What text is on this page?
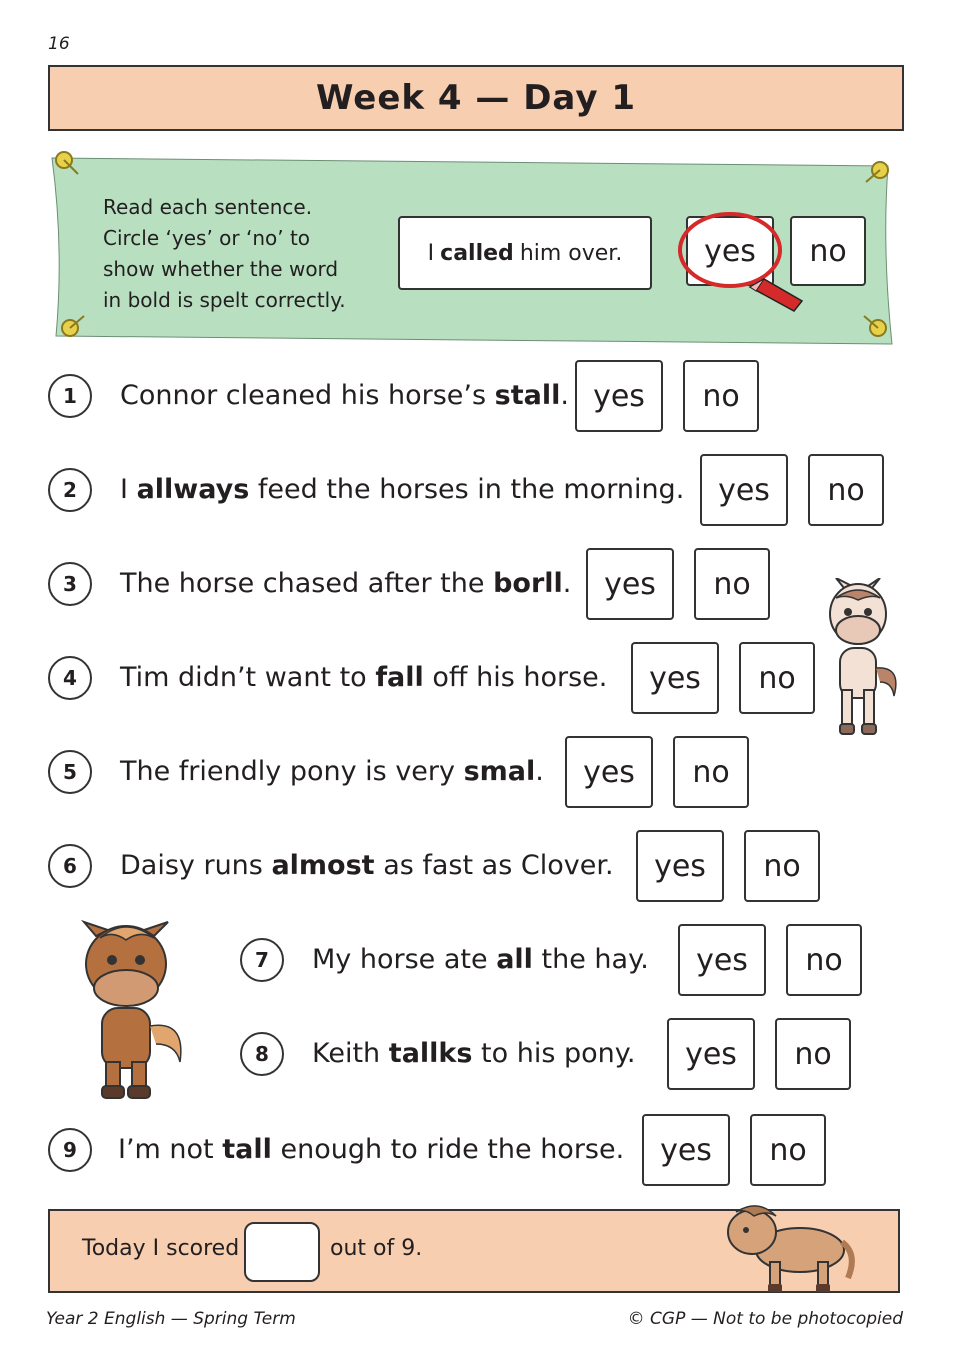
16
Week 4 — Day 1
Read each sentence.
Circle ‘yes’ or ‘no’ to
show whether the word
in bold is spelt correctly.
I called him over.	yes	no
1	Connor cleaned his horse’s stall. yes	no
2	I allways feed the horses in the morning.	yes	no
3	The horse chased after the borll.	yes	no
4	Tim didn’t want to fall off his horse.	yes	no
5	The friendly pony is very smal.	yes	no
6	Daisy runs almost as fast as Clover.	yes	no
7	My horse ate all the hay.	yes	no
8	Keith tallks to his pony.	yes	no
9	I’m not tall enough to ride the horse.	yes	no
Today I scored	out of 9.
Year 2 English — Spring Term	© CGP — Not to be photocopied
